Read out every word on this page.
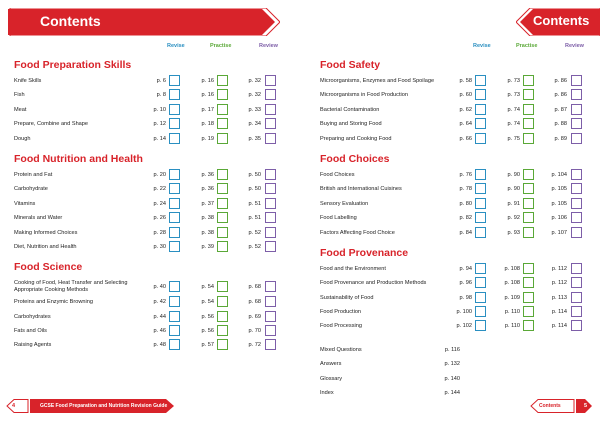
Contents	Contents
Revise	Practise	Review
Food Preparation Skills
Knife Skills	p. 6	p. 16	p. 32
Fish	p. 8	p. 16	p. 32
Meat	p. 10	p. 17	p. 33
Prepare, Combine and Shape	p. 12	p. 18	p. 34
Dough	p. 14	p. 19	p. 35
Food Nutrition and Health
Protein and Fat	p. 20	p. 36	p. 50
Carbohydrate	p. 22	p. 36	p. 50
Vitamins	p. 24	p. 37	p. 51
Minerals and Water	p. 26	p. 38	p. 51
Making Informed Choices	p. 28	p. 38	p. 52
Diet, Nutrition and Health	p. 30	p. 39	p. 52
Food Science
Cooking of Food, Heat Transfer and Selecting Appropriate Cooking Methods	p. 40	p. 54	p. 68
Proteins and Enzymic Browning	p. 42	p. 54	p. 68
Carbohydrates	p. 44	p. 56	p. 69
Fats and Oils	p. 46	p. 56	p. 70
Raising Agents	p. 48	p. 57	p. 72
Revise	Practise	Review
Food Safety
Microorganisms, Enzymes and Food Spoilage	p. 58	p. 73	p. 86
Microorganisms in Food Production	p. 60	p. 73	p. 86
Bacterial Contamination	p. 62	p. 74	p. 87
Buying and Storing Food	p. 64	p. 74	p. 88
Preparing and Cooking Food	p. 66	p. 75	p. 89
Food Choices
Food Choices	p. 76	p. 90	p. 104
British and International Cuisines	p. 78	p. 90	p. 105
Sensory Evaluation	p. 80	p. 91	p. 105
Food Labelling	p. 82	p. 92	p. 106
Factors Affecting Food Choice	p. 84	p. 93	p. 107
Food Provenance
Food and the Environment	p. 94	p. 108	p. 112
Food Provenance and Production Methods	p. 96	p. 108	p. 112
Sustainability of Food	p. 98	p. 109	p. 113
Food Production	p. 100	p. 110	p. 114
Food Processing	p. 102	p. 110	p. 114
Mixed Questions	p. 116
Answers	p. 132
Glossary	p. 140
Index	p. 144
4	GCSE Food Preparation and Nutrition Revision Guide	Contents	5
